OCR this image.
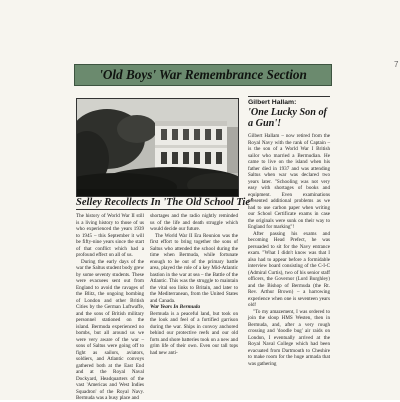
7
'Old Boys' War Remembrance Section
Selley Recollects In 'The Old School Tie'

The history of World War II still is a living history to those of us who experienced the years 1939 to 1945 – this September it will be fifty-nine years since the start of that conflict which had a profound effect on all of us.

During the early days of the war the Saltus student body grew by some seventy students. These were evacuees sent out from England to avoid the ravages of the Blitz, the ongoing bombing of London and other British Cities by the German Luftwaffe, and the sons of British military personnel stationed on the island. Bermuda experienced no bombs, but all around us we were very aware of the war – sons of Saltus were going off to fight as sailors, aviators, soldiers, and Atlantic convoys gathered both at the East End and at the Royal Naval Dockyard, Headquarters of the vast 'Americas and West Indies Squadron' of the Royal Navy. Bermuda was a busy place and

shortages and the radio nightly reminded us of the life and death struggle which would decide our future.

The World War II Era Reunion was the first effort to bring together the sons of Saltus who attended the school during the time when Bermuda, while fortunate enough to be out of the primary battle area, played the role of a key Mid-Atlantic bastion in the war at sea – the Battle of the Atlantic. This was the struggle to maintain the vital sea links to Britain, and later to the Mediterranean, from the United States and Canada.

War Years In Bermuda

Bermuda is a peaceful land, but took on the look and feel of a fortified garrison during the war. Ships in convoy anchored behind our protective reefs and our old forts and shore batteries took on a new and grim life of their own. Even our tall tops had new anti-

Gilbert Hallam:
'One Lucky Son of a Gun'!

Gilbert Hallam – now retired from the Royal Navy with the rank of Captain – is the son of a World War I British sailor who married a Bermudian. He came to live on the island when his father died in 1937 and was attending Saltus when war was declared two years later. "Schooling was not very easy with shortages of books and equipment. Even examinations presented additional problems as we had to use carbon paper when writing our School Certificate exams in case the originals were sunk on their way to England for marking"!

After passing his exams and becoming Head Prefect, he was persuaded to sit for the Navy entrance exam. "What I didn't know was that I also had to appear before a formidable interview board consisting of the C-I-C (Admiral Curtis), two of his senior staff officers, the Governor (Lord Burghley) and the Bishop of Bermuda (the Rt. Rev. Arthur Brown) – a harrowing experience when one is seventeen years old!

"To my amazement, I was ordered to join the sloop HMS Westen, then in Bermuda, and, after a very rough crossing and 'doodle bug' air raids on London, I eventually arrived at the Royal Naval College which had been evacuated from Dartmouth to Cheshire to make room for the huge armada that was gathering
